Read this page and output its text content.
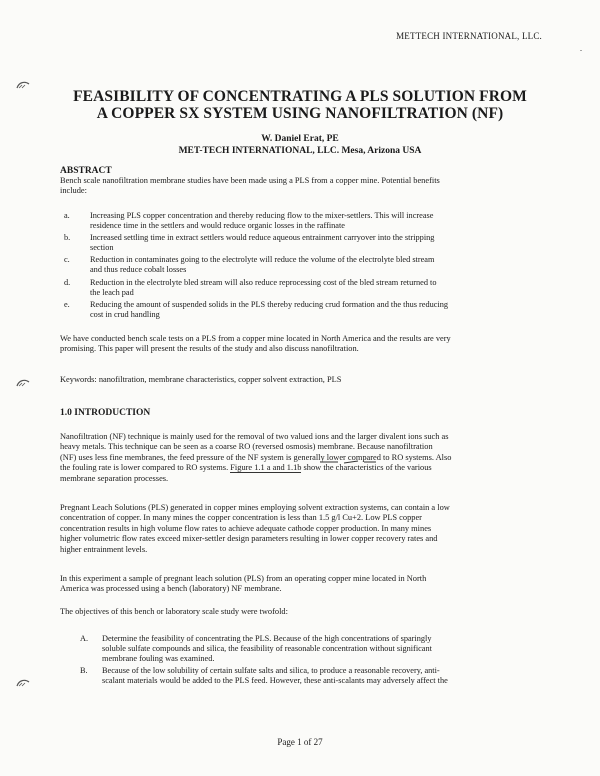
METTECH INTERNATIONAL, LLC.
.
FEASIBILITY OF CONCENTRATING A PLS SOLUTION FROM
A COPPER SX SYSTEM USING NANOFILTRATION (NF)
W. Daniel Erat, PE
MET-TECH INTERNATIONAL, LLC. Mesa, Arizona USA
ABSTRACT
Bench scale nanofiltration membrane studies have been made using a PLS from a copper mine. Potential benefits
include:
a. Increasing PLS copper concentration and thereby reducing flow to the mixer-settlers. This will increase
residence time in the settlers and would reduce organic losses in the raffinate
b. Increased settling time in extract settlers would reduce aqueous entrainment carryover into the stripping
section
c. Reduction in contaminates going to the electrolyte will reduce the volume of the electrolyte bled stream
and thus reduce cobalt losses
d. Reduction in the electrolyte bled stream will also reduce reprocessing cost of the bled stream returned to
the leach pad
e. Reducing the amount of suspended solids in the PLS thereby reducing crud formation and the thus reducing
cost in crud handling
We have conducted bench scale tests on a PLS from a copper mine located in North America and the results are very
promising. This paper will present the results of the study and also discuss nanofiltration.
Keywords: nanofiltration, membrane characteristics, copper solvent extraction, PLS
1.0 INTRODUCTION
Nanofiltration (NF) technique is mainly used for the removal of two valued ions and the larger divalent ions such as
heavy metals. This technique can be seen as a coarse RO (reversed osmosis) membrane. Because nanofiltration
(NF) uses less fine membranes, the feed pressure of the NF system is generally lower compared to RO systems. Also
the fouling rate is lower compared to RO systems. Figure 1.1 a and 1.1b show the characteristics of the various
membrane separation processes.
Pregnant Leach Solutions (PLS) generated in copper mines employing solvent extraction systems, can contain a low
concentration of copper. In many mines the copper concentration is less than 1.5 g/l Cu+2. Low PLS copper
concentration results in high volume flow rates to achieve adequate cathode copper production. In many mines
higher volumetric flow rates exceed mixer-settler design parameters resulting in lower copper recovery rates and
higher entrainment levels.
In this experiment a sample of pregnant leach solution (PLS) from an operating copper mine located in North
America was processed using a bench (laboratory) NF membrane.
The objectives of this bench or laboratory scale study were twofold:
A. Determine the feasibility of concentrating the PLS. Because of the high concentrations of sparingly
soluble sulfate compounds and silica, the feasibility of reasonable concentration without significant
membrane fouling was examined.
B. Because of the low solubility of certain sulfate salts and silica, to produce a reasonable recovery, anti-
scalant materials would be added to the PLS feed. However, these anti-scalants may adversely affect the
Page 1 of 27
